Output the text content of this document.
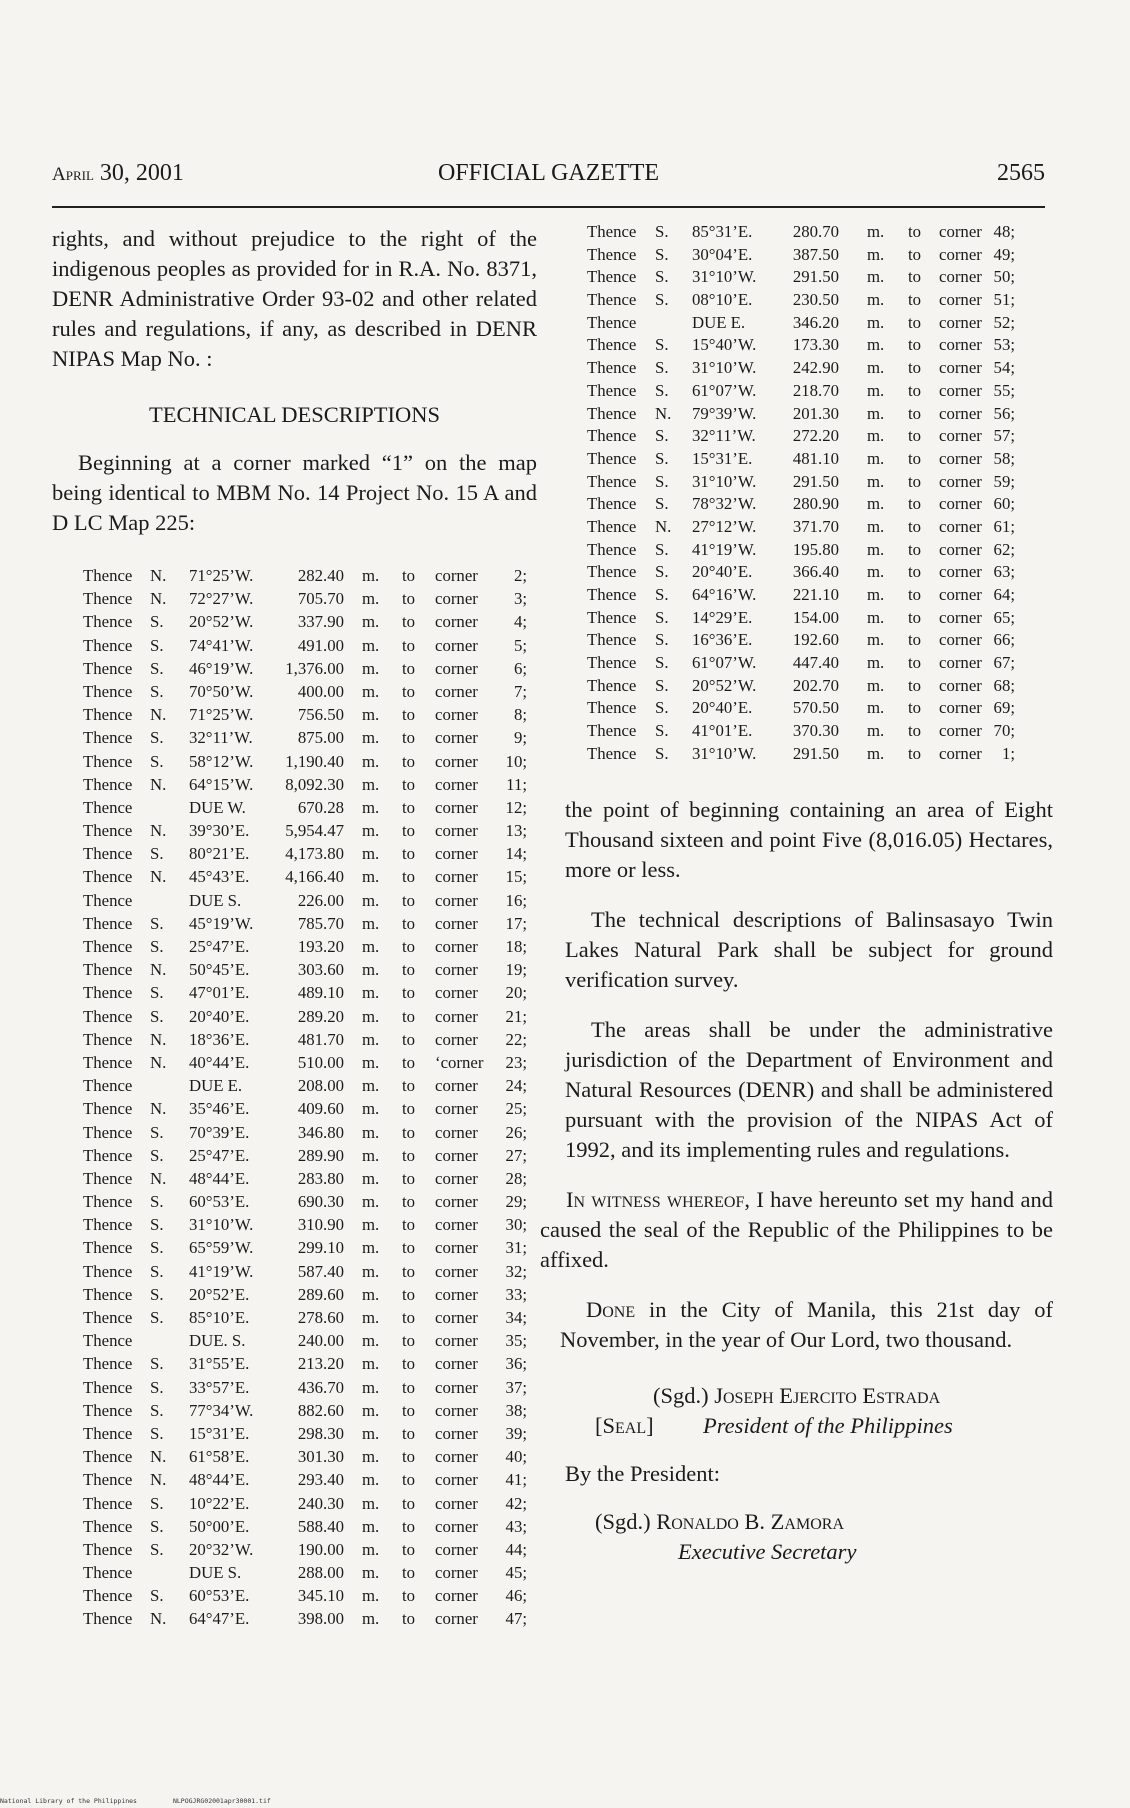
April 30, 2001	OFFICIAL GAZETTE	2565

rights, and without prejudice to the right of the indigenous peoples as provided for in R.A. No. 8371, DENR Administrative Order 93-02 and other related rules and regulations, if any, as described in DENR NIPAS Map No. :

TECHNICAL DESCRIPTIONS

Beginning at a corner marked “1” on the map being identical to MBM No. 14 Project No. 15 A and D LC Map 225:

Thence N. 71°25’W.	282.40 m. to corner	2;
Thence N. 72°27’W.	705.70 m. to corner	3;
Thence S. 20°52’W.	337.90 m. to corner	4;
Thence S. 74°41’W.	491.00 m. to corner	5;
Thence S. 46°19’W.	1,376.00 m. to corner	6;
Thence S. 70°50’W.	400.00 m. to corner	7;
Thence N. 71°25’W.	756.50 m. to corner	8;
Thence S. 32°11’W.	875.00 m. to corner	9;
Thence S. 58°12’W.	1,190.40 m. to corner	10;
Thence N. 64°15’W.	8,092.30 m. to corner	11;
Thence	DUE W.	670.28 m. to corner	12;
Thence N. 39°30’E.	5,954.47 m. to corner	13;
Thence S. 80°21’E.	4,173.80 m. to corner	14;
Thence N. 45°43’E.	4,166.40 m. to corner	15;
Thence	DUE S.	226.00 m. to corner	16;
Thence S. 45°19’W.	785.70 m. to corner	17;
Thence S. 25°47’E.	193.20 m. to corner	18;
Thence N. 50°45’E.	303.60 m. to corner	19;
Thence S. 47°01’E.	489.10 m. to corner	20;
Thence S. 20°40’E.	289.20 m. to corner	21;
Thence N. 18°36’E.	481.70 m. to corner	22;
Thence N. 40°44’E.	510.00 m. to ‘corner	23;
Thence	DUE E.	208.00 m. to corner	24;
Thence N. 35°46’E.	409.60 m. to corner	25;
Thence S. 70°39’E.	346.80 m. to corner	26;
Thence S. 25°47’E.	289.90 m. to corner	27;
Thence N. 48°44’E.	283.80 m. to corner	28;
Thence S. 60°53’E.	690.30 m. to corner	29;
Thence S. 31°10’W.	310.90 m. to corner	30;
Thence S. 65°59’W.	299.10 m. to corner	31;
Thence S. 41°19’W.	587.40 m. to corner	32;
Thence S. 20°52’E.	289.60 m. to corner	33;
Thence S. 85°10’E.	278.60 m. to corner	34;
Thence	DUE. S.	240.00 m. to corner	35;
Thence S. 31°55’E.	213.20 m. to corner	36;
Thence S. 33°57’E.	436.70 m. to corner	37;
Thence S. 77°34’W.	882.60 m. to corner	38;
Thence S. 15°31’E.	298.30 m. to corner	39;
Thence N. 61°58’E.	301.30 m. to corner	40;
Thence N. 48°44’E.	293.40 m. to corner	41;
Thence S. 10°22’E.	240.30 m. to corner	42;
Thence S. 50°00’E.	588.40 m. to corner	43;
Thence S. 20°32’W.	190.00 m. to corner	44;
Thence	DUE S.	288.00 m. to corner	45;
Thence S. 60°53’E.	345.10 m. to corner	46;
Thence N. 64°47’E.	398.00 m. to corner	47;
Thence S. 85°31’E.	280.70 m. to corner 48;
Thence S. 30°04’E.	387.50 m. to corner 49;
Thence S. 31°10’W.	291.50 m. to corner 50;
Thence S. 08°10’E.	230.50 m. to corner 51;
Thence	DUE E.	346.20 m. to corner 52;
Thence S. 15°40’W.	173.30 m. to corner 53;
Thence S. 31°10’W.	242.90 m. to corner 54;
Thence S. 61°07’W.	218.70 m. to corner 55;
Thence N. 79°39’W.	201.30 m. to corner 56;
Thence S. 32°11’W.	272.20 m. to corner 57;
Thence S. 15°31’E.	481.10 m. to corner 58;
Thence S. 31°10’W.	291.50 m. to corner 59;
Thence S. 78°32’W.	280.90 m. to corner 60;
Thence N. 27°12’W.	371.70 m. to corner 61;
Thence S. 41°19’W.	195.80 m. to corner 62;
Thence S. 20°40’E.	366.40 m. to corner 63;
Thence S. 64°16’W.	221.10 m. to corner 64;
Thence S. 14°29’E.	154.00 m. to corner 65;
Thence S. 16°36’E.	192.60 m. to corner 66;
Thence S. 61°07’W.	447.40 m. to corner 67;
Thence S. 20°52’W.	202.70 m. to corner 68;
Thence S. 20°40’E.	570.50 m. to corner 69;
Thence S. 41°01’E.	370.30 m. to corner 70;
Thence S. 31°10’W.	291.50 m. to corner	1;

the point of beginning containing an area of Eight Thousand sixteen and point Five (8,016.05) Hectares, more or less.

The technical descriptions of Balinsasayo Twin Lakes Natural Park shall be subject for ground verification survey.

The areas shall be under the administrative jurisdiction of the Department of Environment and Natural Resources (DENR) and shall be administered pursuant with the provision of the NIPAS Act of 1992, and its implementing rules and regulations.

In witness whereof, I have hereunto set my hand and caused the seal of the Republic of the Philippines to be affixed.

Done in the City of Manila, this 21st day of November, in the year of Our Lord, two thousand.

(Sgd.) Joseph Ejercito Estrada
[Seal] President of the Philippines
By the President:
(Sgd.) Ronaldo B. Zamora
Executive Secretary
National Library of the Philippines	NLPOGJRG02001apr30001.tif
